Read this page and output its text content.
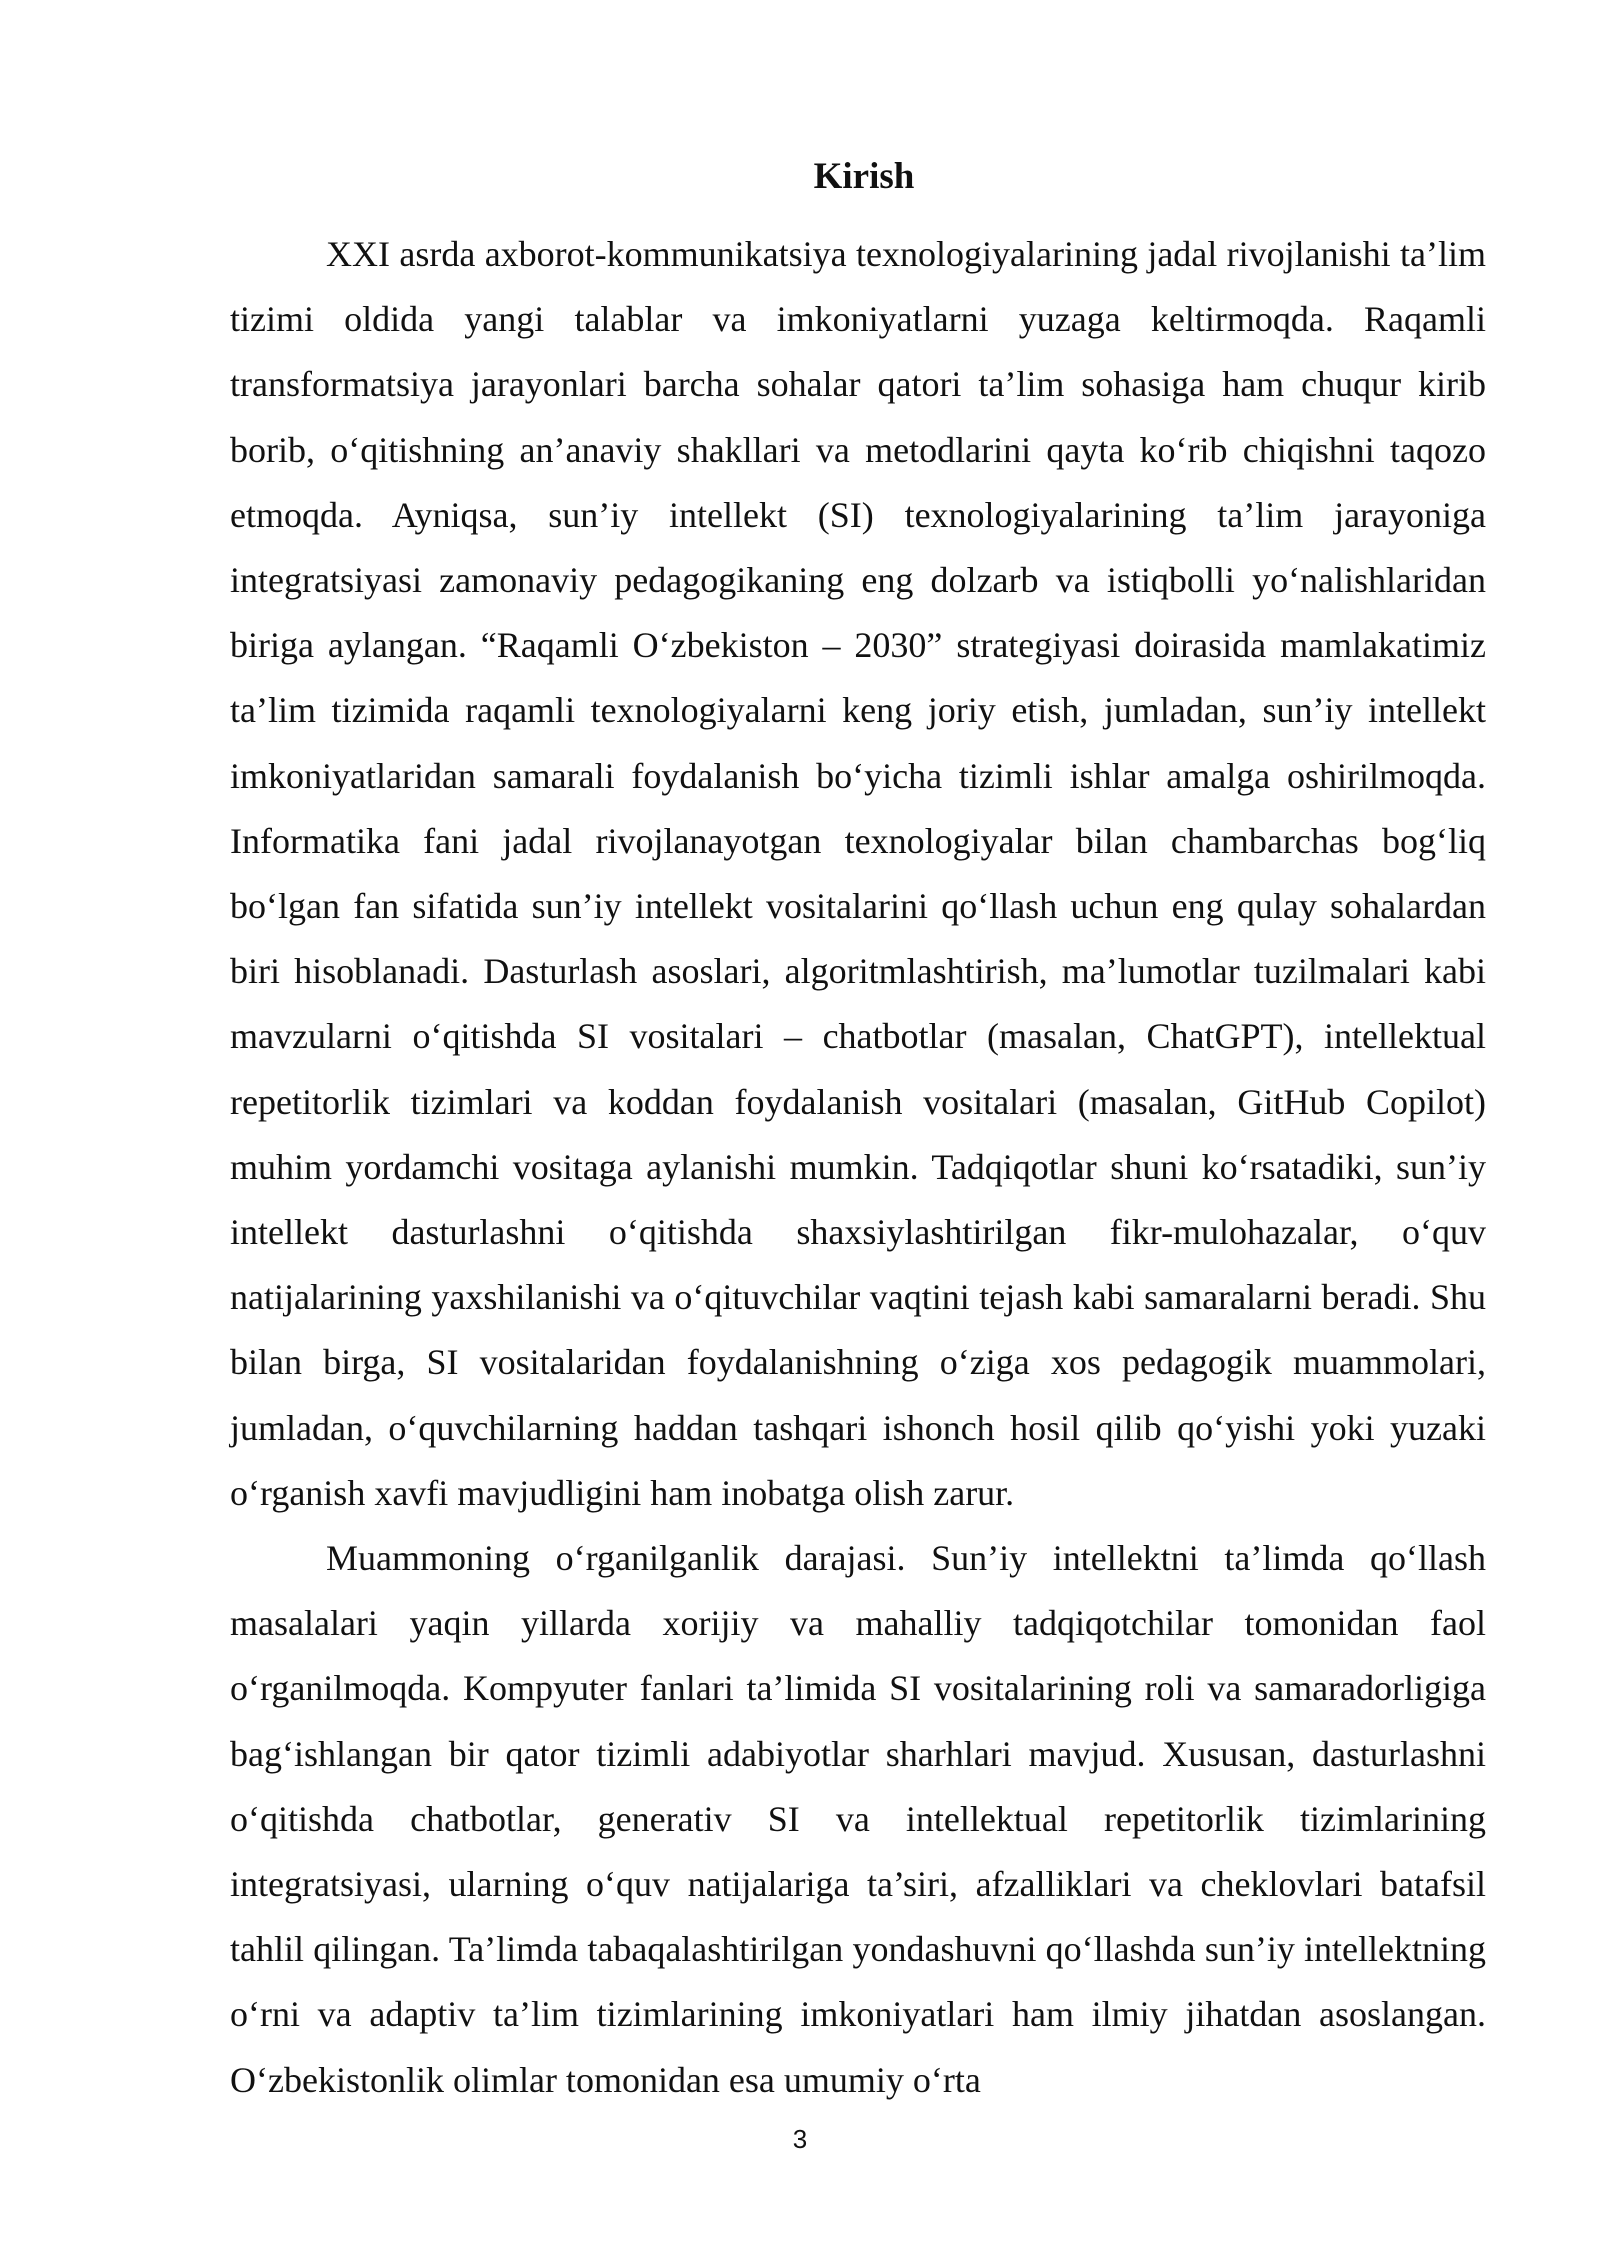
Kirish

XXI asrda axborot-kommunikatsiya texnologiyalarining jadal rivojlanishi ta’lim tizimi oldida yangi talablar va imkoniyatlarni yuzaga keltirmoqda. Raqamli transformatsiya jarayonlari barcha sohalar qatori ta’lim sohasiga ham chuqur kirib borib, o‘qitishning an’anaviy shakllari va metodlarini qayta ko‘rib chiqishni taqozo etmoqda. Ayniqsa, sun’iy intellekt (SI) texnologiyalarining ta’lim jarayoniga integratsiyasi zamonaviy pedagogikaning eng dolzarb va istiqbolli yo‘nalishlaridan biriga aylangan. “Raqamli O‘zbekiston – 2030” strategiyasi doirasida mamlakatimiz ta’lim tizimida raqamli texnologiyalarni keng joriy etish, jumladan, sun’iy intellekt imkoniyatlaridan samarali foydalanish bo‘yicha tizimli ishlar amalga oshirilmoqda. Informatika fani jadal rivojlanayotgan texnologiyalar bilan chambarchas bog‘liq bo‘lgan fan sifatida sun’iy intellekt vositalarini qo‘llash uchun eng qulay sohalardan biri hisoblanadi. Dasturlash asoslari, algoritmlashtirish, ma’lumotlar tuzilmalari kabi mavzularni o‘qitishda SI vositalari – chatbotlar (masalan, ChatGPT), intellektual repetitorlik tizimlari va koddan foydalanish vositalari (masalan, GitHub Copilot) muhim yordamchi vositaga aylanishi mumkin. Tadqiqotlar shuni ko‘rsatadiki, sun’iy intellekt dasturlashni o‘qitishda shaxsiylashtirilgan fikr-mulohazalar, o‘quv natijalarining yaxshilanishi va o‘qituvchilar vaqtini tejash kabi samaralarni beradi. Shu bilan birga, SI vositalaridan foydalanishning o‘ziga xos pedagogik muammolari, jumladan, o‘quvchilarning haddan tashqari ishonch hosil qilib qo‘yishi yoki yuzaki o‘rganish xavfi mavjudligini ham inobatga olish zarur.

Muammoning o‘rganilganlik darajasi. Sun’iy intellektni ta’limda qo‘llash masalalari yaqin yillarda xorijiy va mahalliy tadqiqotchilar tomonidan faol o‘rganilmoqda. Kompyuter fanlari ta’limida SI vositalarining roli va samaradorligiga bag‘ishlangan bir qator tizimli adabiyotlar sharhlari mavjud. Xususan, dasturlashni o‘qitishda chatbotlar, generativ SI va intellektual repetitorlik tizimlarining integratsiyasi, ularning o‘quv natijalariga ta’siri, afzalliklari va cheklovlari batafsil tahlil qilingan. Ta’limda tabaqalashtirilgan yondashuvni qo‘llashda sun’iy intellektning o‘rni va adaptiv ta’lim tizimlarining imkoniyatlari ham ilmiy jihatdan asoslangan. O‘zbekistonlik olimlar tomonidan esa umumiy o‘rta

3
